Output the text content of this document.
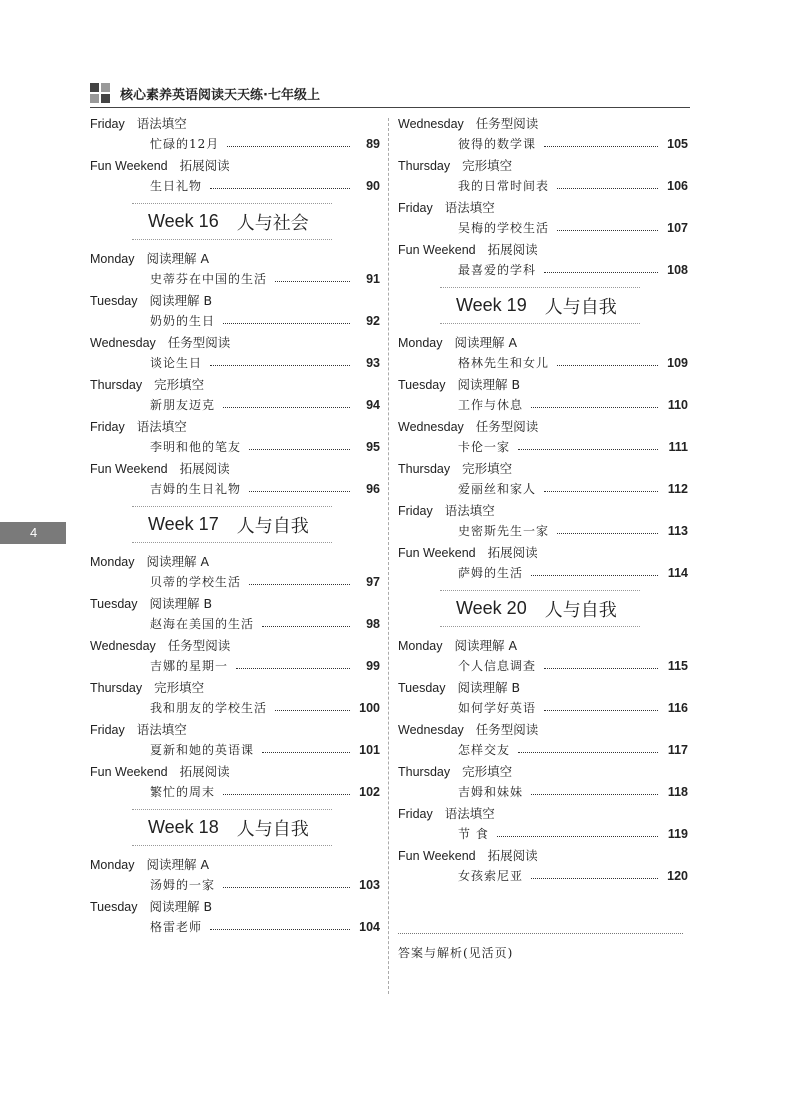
核心素养英语阅读天天练·七年级上
Friday 语法填空
忙碌的12月	89
Fun Weekend 拓展阅读
生日礼物	90
Week 16 人与社会
Monday 阅读理解 A
史蒂芬在中国的生活	91
Tuesday 阅读理解 B
奶奶的生日	92
Wednesday 任务型阅读
谈论生日	93
Thursday 完形填空
新朋友迈克	94
Friday 语法填空
李明和他的笔友	95
Fun Weekend 拓展阅读
吉姆的生日礼物	96
Week 17 人与自我
Monday 阅读理解 A
贝蒂的学校生活	97
Tuesday 阅读理解 B
赵海在美国的生活	98
Wednesday 任务型阅读
吉娜的星期一	99
Thursday 完形填空
我和朋友的学校生活	100
Friday 语法填空
夏新和她的英语课	101
Fun Weekend 拓展阅读
繁忙的周末	102
Week 18 人与自我
Monday 阅读理解 A
汤姆的一家	103
Tuesday 阅读理解 B
格雷老师	104
Wednesday 任务型阅读
彼得的数学课	105
Thursday 完形填空
我的日常时间表	106
Friday 语法填空
吴梅的学校生活	107
Fun Weekend 拓展阅读
最喜爱的学科	108
Week 19 人与自我
Monday 阅读理解 A
格林先生和女儿	109
Tuesday 阅读理解 B
工作与休息	110
Wednesday 任务型阅读
卡伦一家	111
Thursday 完形填空
爱丽丝和家人	112
Friday 语法填空
史密斯先生一家	113
Fun Weekend 拓展阅读
萨姆的生活	114
Week 20 人与自我
Monday 阅读理解 A
个人信息调查	115
Tuesday 阅读理解 B
如何学好英语	116
Wednesday 任务型阅读
怎样交友	117
Thursday 完形填空
吉姆和妹妹	118
Friday 语法填空
节 食	119
Fun Weekend 拓展阅读
女孩索尼亚	120
4
答案与解析(见活页)
